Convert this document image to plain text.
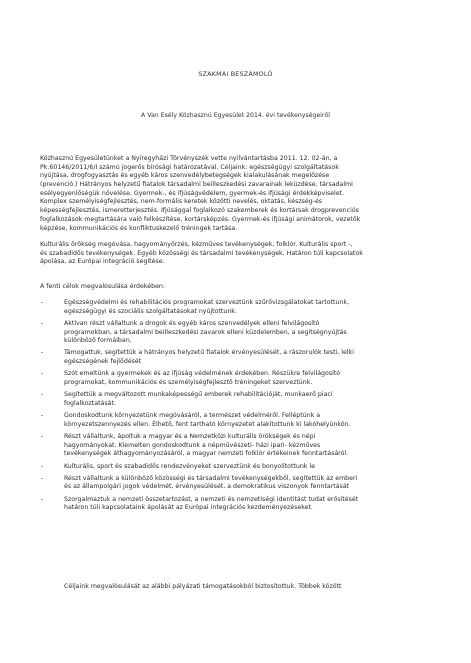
SZAKMAI BESZÁMOLÓ
A Van Esély Közhasznú Egyesület 2014. évi tevékenységeiről
Közhasznú Egyesületünket a Nyíregyházi Törvényszék vette nyilvántartásba 2011. 12. 02-án, a
Pk.60146/2011/6/I számú jogerős bírósági határozatával. Céljaink: egészségügyi szolgáltatások
nyújtása, drogfogyasztás és egyéb káros szenvedélybetegségek kialakulásának megelőzése
(prevenció.) Hátrányos helyzetű fiatalok társadalmi beilleszkedési zavarainak leküzdése, társadalmi
esélyegyenlőségük növelése. Gyermek-, és ifjúságvédelem, gyermek-és ifjúsági érdekképviselet.
Komplex személyiségfejlesztés, nem-formális keretek közötti nevelés, oktatás, készség-és
képességfejlesztés, ismeretterjesztés. Ifjúsággal foglalkozó szakemberek és kortársak drogprevenciós
foglalkozások megtartására való felkészítése, kortársképzés. Gyermek-és ifjúsági animátorok, vezetők
képzése, kommunikációs és konfliktuskezelő tréningek tartása.
Kulturális örökség megóvása, hagyományőrzés, kézműves tevékenységek, folklór. Kulturális sport -,
és szabadidős tevékenységek. Egyéb közösségi és társadalmi tevékenységek. Határon túli kapcsolatok
ápolása, az Európai integráció segítése.
A fenti célok megvalósulása érdekében:
-	Egészségvédelmi és rehabilitációs programokat szerveztünk szűrővizsgálatokat tartottunk,
egészségügyi és szociális szolgáltatásokat nyújtottunk.
-	Aktívan részt vállaltunk a drogok és egyéb káros szenvedélyek elleni felvilágosító
programokban, a társadalmi beilleszkedési zavarok elleni küzdelemben, a segítségnyújtás
különböző formáiban,
-	Támogattuk, segítettük a hátrányos helyzetű fiatalok érvényesülését, a rászorulók testi, lelki
egészségének fejlődését
-	Szót emeltünk a gyermekek és az ifjúság védelmének érdekében. Részükre felvilágosító
programokat, kommunikációs és személyiségfejlesztő tréningeket szerveztünk.
-	Segítettük a megváltozott munkaképességű emberek rehabilitációját, munkaerő piaci
foglalkoztatását.
-	Gondoskodtunk környezetünk megóvásáról, a természet védelméről. Felléptünk a
környezetszennyezés ellen. Élhető, fent tartható környezetet alakítottunk ki lakóhelyünkön.
-	Részt vállaltunk, ápoltuk a magyar és a Nemzetközi kulturális örökségek és népi
hagyományokat. Kiemelten gondoskodtunk a népművészeti- házi ipari- kézműves
tevékenységek áthagyományozásáról, a magyar nemzeti folklór értékeinek fenntartásáról.
-	Kulturális, sport és szabadidős rendezvényeket szerveztünk és bonyolítottunk le
-	Részt vállaltunk a különböző közösségi és társadalmi tevékenységekből, segítettük az emberi
és az állampolgári jogok védelmét, érvényesülését, a demokratikus viszonyok fenntartását
-	Szorgalmaztuk a nemzeti összetartozást, a nemzeti és nemzetiségi identitást tudat erősítését
határon túli kapcsolataink ápolását az Európai integrációs kezdeményezéseket.
Céljaink megvalósulását az alábbi pályázati támogatásokból biztosítottuk. Többek között
